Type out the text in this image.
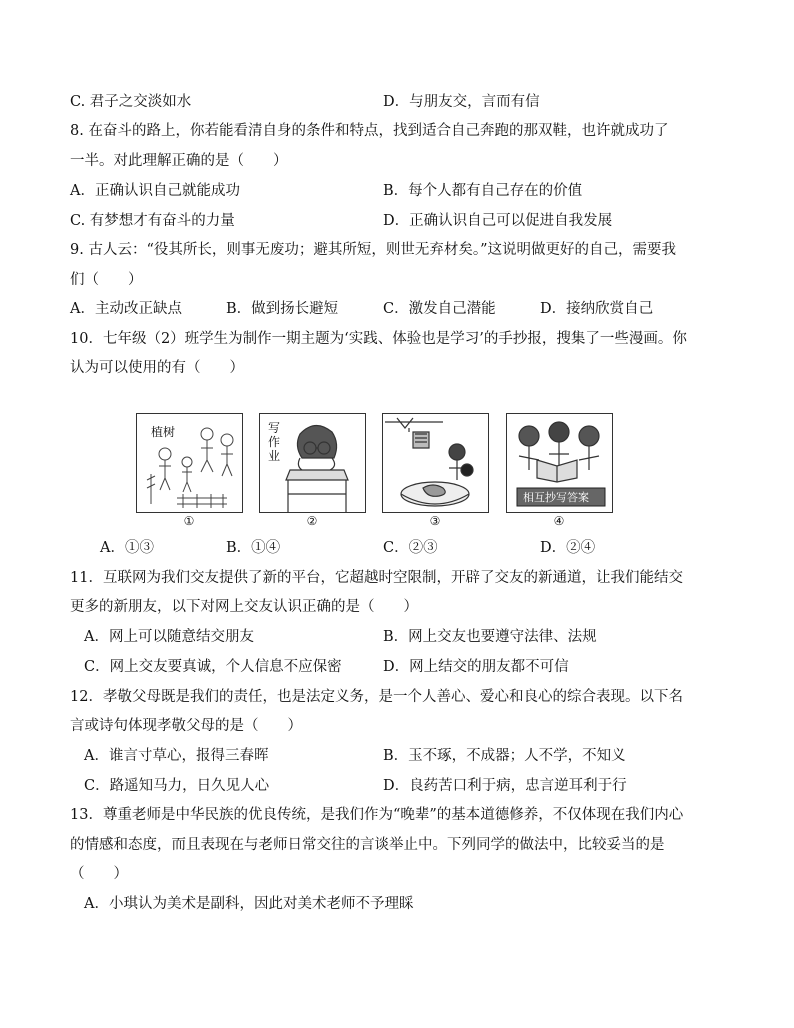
C. 君子之交淡如水	D．与朋友交，言而有信
8. 在奋斗的路上，你若能看清自身的条件和特点，找到适合自己奔跑的那双鞋，也许就成功了
一半。对此理解正确的是（　　）
A．正确认识自己就能成功	B．每个人都有自己存在的价值
C. 有梦想才有奋斗的力量	D．正确认识自己可以促进自我发展
9. 古人云：“役其所长，则事无废功；避其所短，则世无弃材矣。”这说明做更好的自己，需要我
们（　　）
A．主动改正缺点	B．做到扬长避短	C．激发自己潜能	D．接纳欣赏自己
10．七年级（2）班学生为制作一期主题为‘实践、体验也是学习’的手抄报，搜集了一些漫画。你
认为可以使用的有（　　）
植树
①
写
作
业
②	③
相互抄写答案
④
A．①③	B．①④	C．②③	D．②④
11．互联网为我们交友提供了新的平台，它超越时空限制，开辟了交友的新通道，让我们能结交
更多的新朋友，以下对网上交友认识正确的是（　　）
A．网上可以随意结交朋友	B．网上交友也要遵守法律、法规
C．网上交友要真诚，个人信息不应保密	D．网上结交的朋友都不可信
12．孝敬父母既是我们的责任，也是法定义务，是一个人善心、爱心和良心的综合表现。以下名
言或诗句体现孝敬父母的是（　　）
A．谁言寸草心，报得三春晖	B．玉不琢，不成器；人不学，不知义
C．路遥知马力，日久见人心	D．良药苦口利于病，忠言逆耳利于行
13．尊重老师是中华民族的优良传统，是我们作为“晚辈”的基本道德修养，不仅体现在我们内心
的情感和态度，而且表现在与老师日常交往的言谈举止中。下列同学的做法中，比较妥当的是
（　　）
A．小琪认为美术是副科，因此对美术老师不予理睬
